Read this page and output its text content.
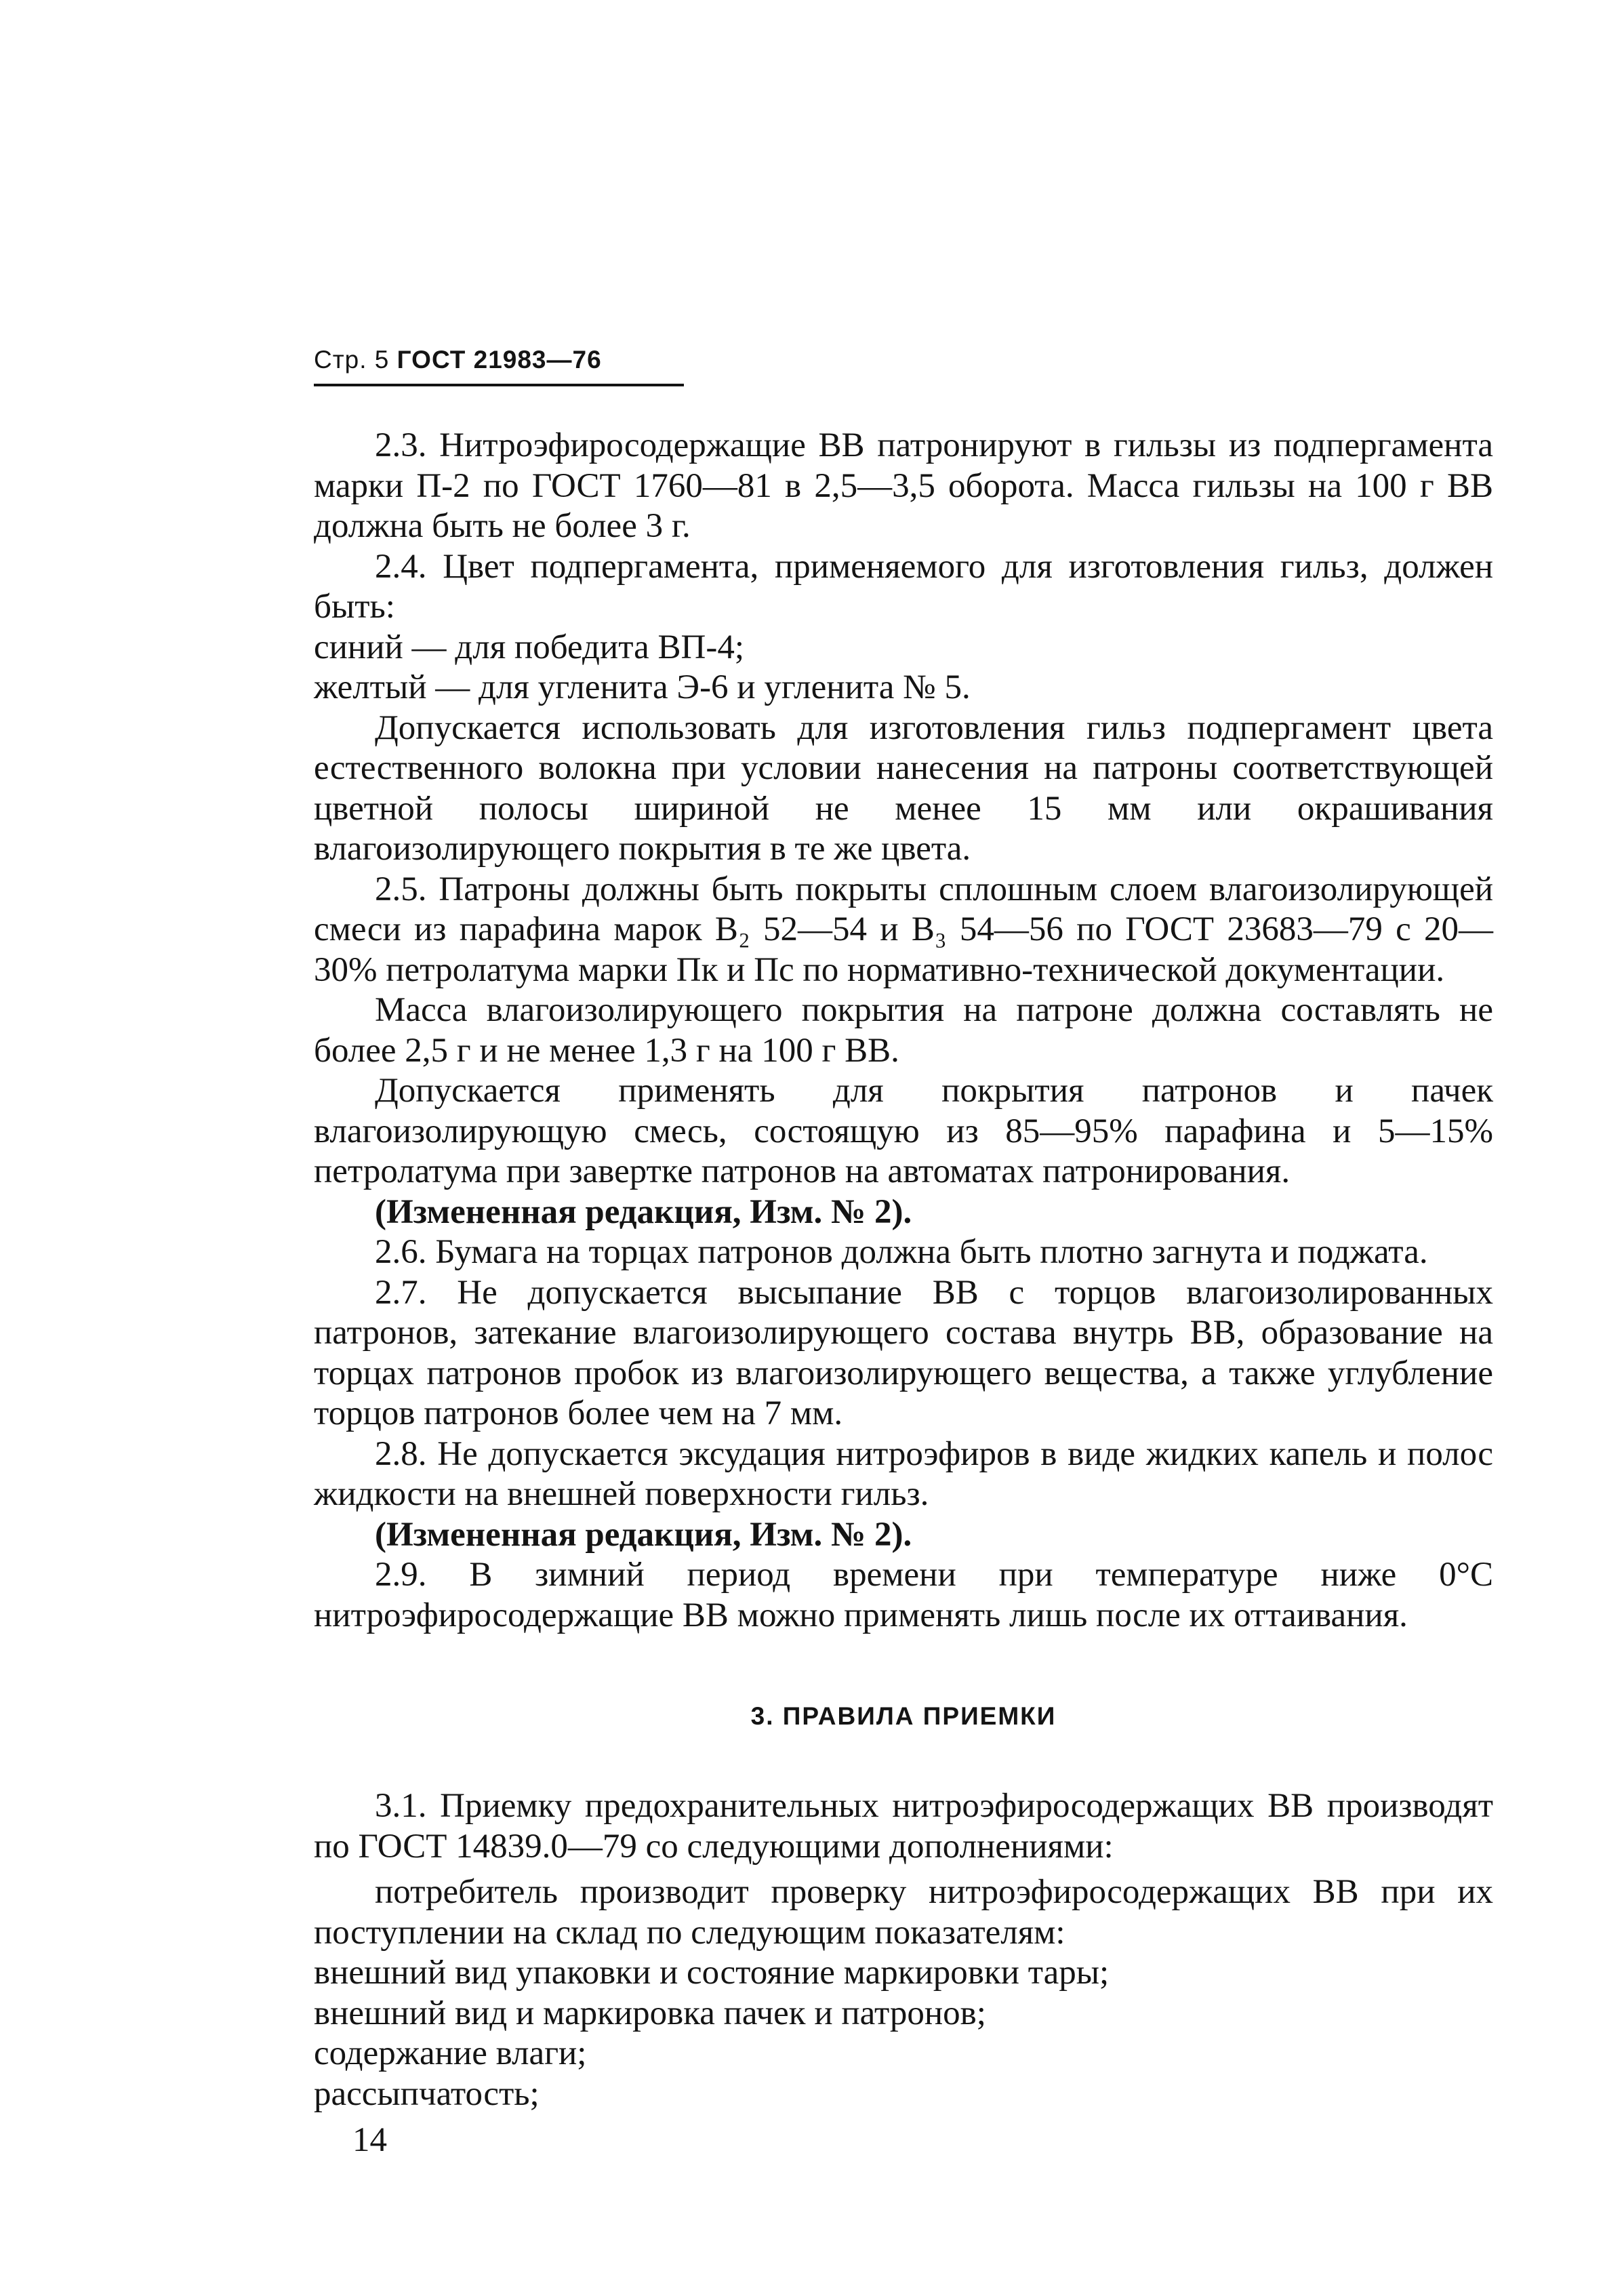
Стр. 5 ГОСТ 21983—76

2.3. Нитроэфиросодержащие ВВ патронируют в гильзы из подпергамента марки П-2 по ГОСТ 1760—81 в 2,5—3,5 оборота. Масса гильзы на 100 г ВВ должна быть не более 3 г.

2.4. Цвет подпергамента, применяемого для изготовления гильз, должен быть:

синий — для победита ВП-4;

желтый — для угленита Э-6 и угленита № 5.

Допускается использовать для изготовления гильз подпергамент цвета естественного волокна при условии нанесения на патроны соответствующей цветной полосы шириной не менее 15 мм или окрашивания влагоизолирующего покрытия в те же цвета.

2.5. Патроны должны быть покрыты сплошным слоем влагоизолирующей смеси из парафина марок В₂ 52—54 и В₃ 54—56 по ГОСТ 23683—79 с 20—30% петролатума марки Пк и Пс по нормативно-технической документации.

Масса влагоизолирующего покрытия на патроне должна составлять не более 2,5 г и не менее 1,3 г на 100 г ВВ.

Допускается применять для покрытия патронов и пачек влагоизолирующую смесь, состоящую из 85—95% парафина и 5—15% петролатума при завертке патронов на автоматах патронирования.

(Измененная редакция, Изм. № 2).

2.6. Бумага на торцах патронов должна быть плотно загнута и поджата.

2.7. Не допускается высыпание ВВ с торцов влагоизолированных патронов, затекание влагоизолирующего состава внутрь ВВ, образование на торцах патронов пробок из влагоизолирующего вещества, а также углубление торцов патронов более чем на 7 мм.

2.8. Не допускается эксудация нитроэфиров в виде жидких капель и полос жидкости на внешней поверхности гильз.

(Измененная редакция, Изм. № 2).

2.9. В зимний период времени при температуре ниже 0°С нитроэфиросодержащие ВВ можно применять лишь после их оттаивания.

3. ПРАВИЛА ПРИЕМКИ

3.1. Приемку предохранительных нитроэфиросодержащих ВВ производят по ГОСТ 14839.0—79 со следующими дополнениями:

потребитель производит проверку нитроэфиросодержащих ВВ при их поступлении на склад по следующим показателям:

внешний вид упаковки и состояние маркировки тары;

внешний вид и маркировка пачек и патронов;

содержание влаги;

рассыпчатость;

14
